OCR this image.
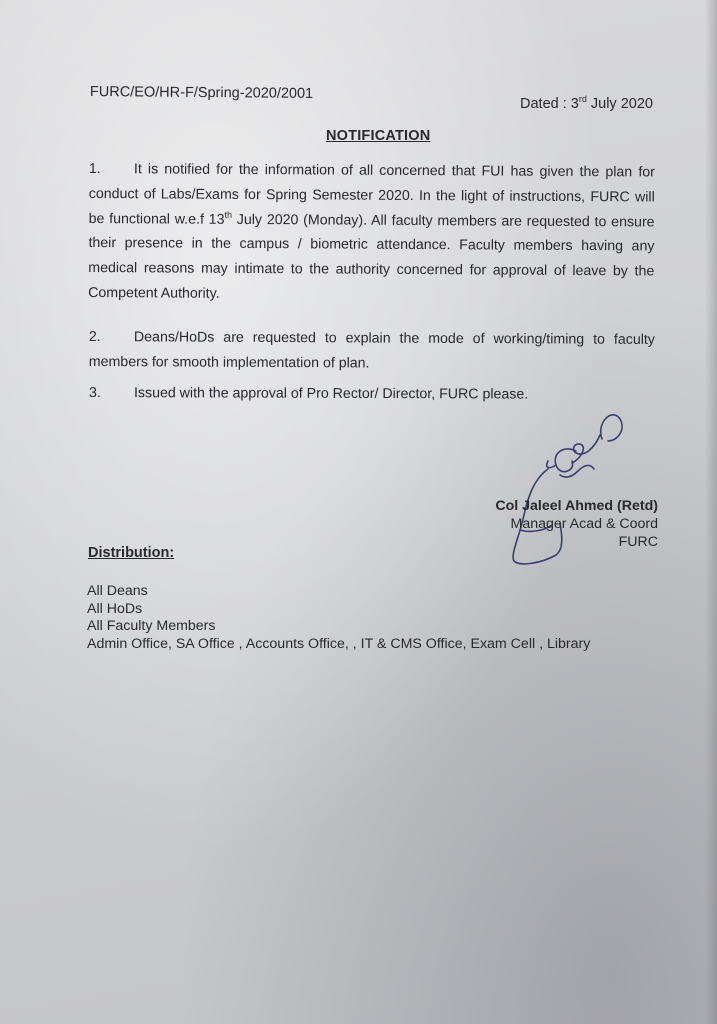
FURC/EO/HR-F/Spring-2020/2001
Dated : 3rd July 2020
NOTIFICATION
1. It is notified for the information of all concerned that FUI has given the plan for conduct of Labs/Exams for Spring Semester 2020. In the light of instructions, FURC will be functional w.e.f 13th July 2020 (Monday). All faculty members are requested to ensure their presence in the campus / biometric attendance. Faculty members having any medical reasons may intimate to the authority concerned for approval of leave by the Competent Authority.
2. Deans/HoDs are requested to explain the mode of working/timing to faculty members for smooth implementation of plan.
3. Issued with the approval of Pro Rector/ Director, FURC please.
Col Jaleel Ahmed (Retd)
Manager Acad & Coord
FURC
Distribution:
All Deans
All HoDs
All Faculty Members
Admin Office, SA Office , Accounts Office, , IT & CMS Office, Exam Cell , Library
